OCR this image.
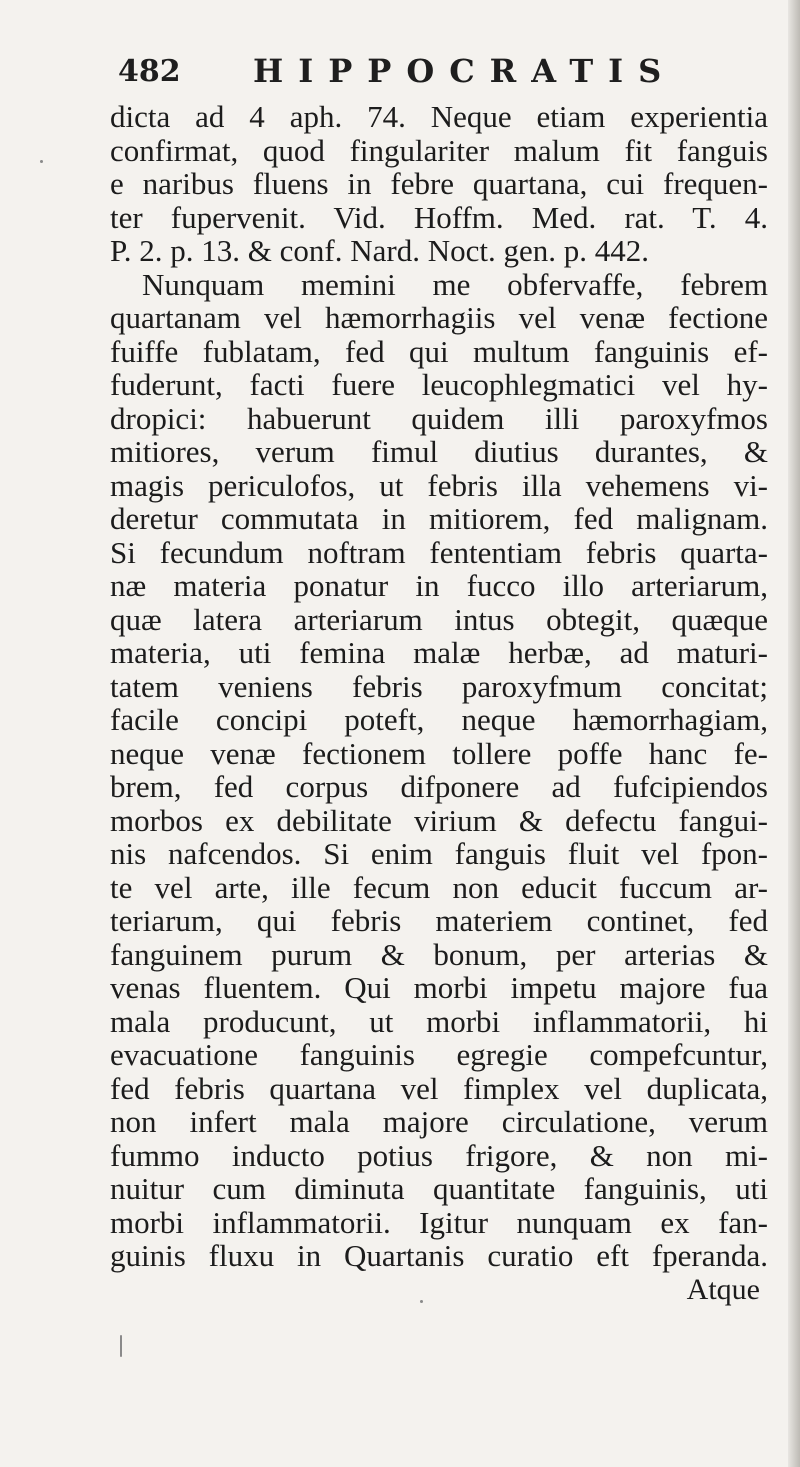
482 HIPPOCRATIS
dicta ad 4 aph. 74. Neque etiam experientia
confirmat, quod fingulariter malum fit fanguis
e naribus fluens in febre quartana, cui frequen-
ter fupervenit. Vid. Hoffm. Med. rat. T. 4.
P. 2. p. 13. & conf. Nard. Noct. gen. p. 442.
Nunquam memini me obfervaffe, febrem
quartanam vel hæmorrhagiis vel venæ fectione
fuiffe fublatam, fed qui multum fanguinis ef-
fuderunt, facti fuere leucophlegmatici vel hy-
dropici: habuerunt quidem illi paroxyfmos
mitiores, verum fimul diutius durantes, &
magis periculofos, ut febris illa vehemens vi-
deretur commutata in mitiorem, fed malignam.
Si fecundum noftram fententiam febris quarta-
næ materia ponatur in fucco illo arteriarum,
quæ latera arteriarum intus obtegit, quæque
materia, uti femina malæ herbæ, ad maturi-
tatem veniens febris paroxyfmum concitat;
facile concipi poteft, neque hæmorrhagiam,
neque venæ fectionem tollere poffe hanc fe-
brem, fed corpus difponere ad fufcipiendos
morbos ex debilitate virium & defectu fangui-
nis nafcendos. Si enim fanguis fluit vel fpon-
te vel arte, ille fecum non educit fuccum ar-
teriarum, qui febris materiem continet, fed
fanguinem purum & bonum, per arterias &
venas fluentem. Qui morbi impetu majore fua
mala producunt, ut morbi inflammatorii, hi
evacuatione fanguinis egregie compefcuntur,
fed febris quartana vel fimplex vel duplicata,
non infert mala majore circulatione, verum
fummo inducto potius frigore, & non mi-
nuitur cum diminuta quantitate fanguinis, uti
morbi inflammatorii. Igitur nunquam ex fan-
guinis fluxu in Quartanis curatio eft fperanda.
Atque
